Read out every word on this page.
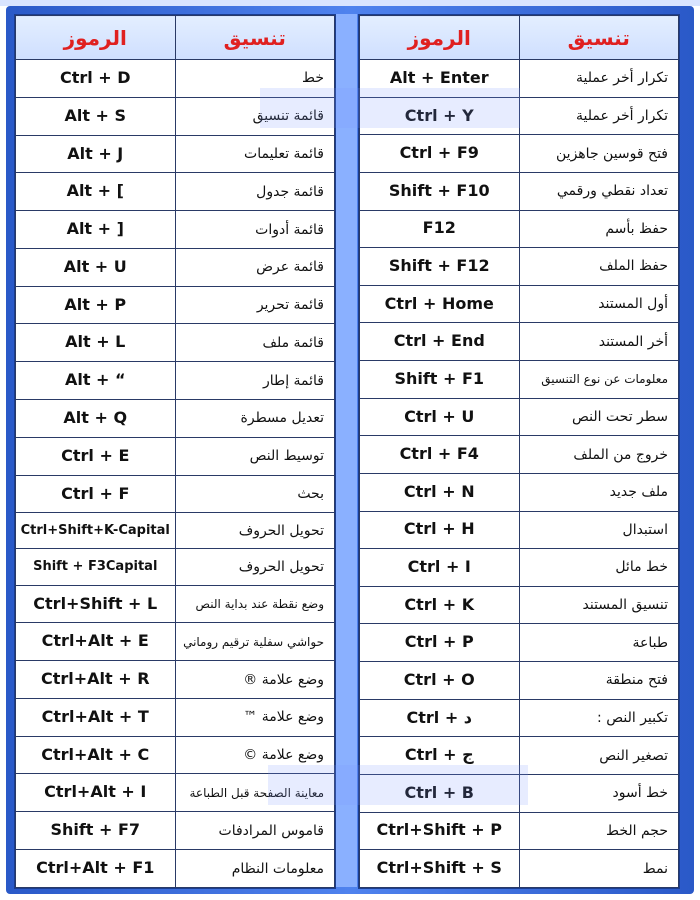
الرموز	تنسيق
Ctrl + D	خط
Alt + S	قائمة تنسيق
Alt + J	قائمة تعليمات
Alt + [	قائمة جدول
Alt + ]	قائمة أدوات
Alt + U	قائمة عرض
Alt + P	قائمة تحرير
Alt + L	قائمة ملف
Alt + “	قائمة إطار
Alt + Q	تعديل مسطرة
Ctrl + E	توسيط النص
Ctrl + F	بحث
Ctrl+Shift+K-Capital	تحويل الحروف
Shift + F3Capital	تحويل الحروف
Ctrl+Shift + L	وضع نقطة عند بداية النص
Ctrl+Alt + E	حواشي سفلية ترقيم روماني
Ctrl+Alt + R	وضع علامة ®
Ctrl+Alt + T	وضع علامة ™
Ctrl+Alt + C	وضع علامة ©
Ctrl+Alt + I	معاينة الصفحة قبل الطباعة
Shift + F7	قاموس المرادفات
Ctrl+Alt + F1	معلومات النظام
الرموز	تنسيق
Alt + Enter	تكرار أخر عملية
Ctrl + Y	تكرار أخر عملية
Ctrl + F9	فتح قوسين جاهزين
Shift + F10	تعداد نقطي ورقمي
F12	حفظ بأسم
Shift + F12	حفظ الملف
Ctrl + Home	أول المستند
Ctrl + End	أخر المستند
Shift + F1	معلومات عن نوع التنسيق
Ctrl + U	سطر تحت النص
Ctrl + F4	خروج من الملف
Ctrl + N	ملف جديد
Ctrl + H	استبدال
Ctrl + I	خط مائل
Ctrl + K	تنسيق المستند
Ctrl + P	طباعة
Ctrl + O	فتح منطقة
Ctrl + د	تكبير النص :
Ctrl + ج	تصغير النص
Ctrl + B	خط أسود
Ctrl+Shift + P	حجم الخط
Ctrl+Shift + S	نمط
